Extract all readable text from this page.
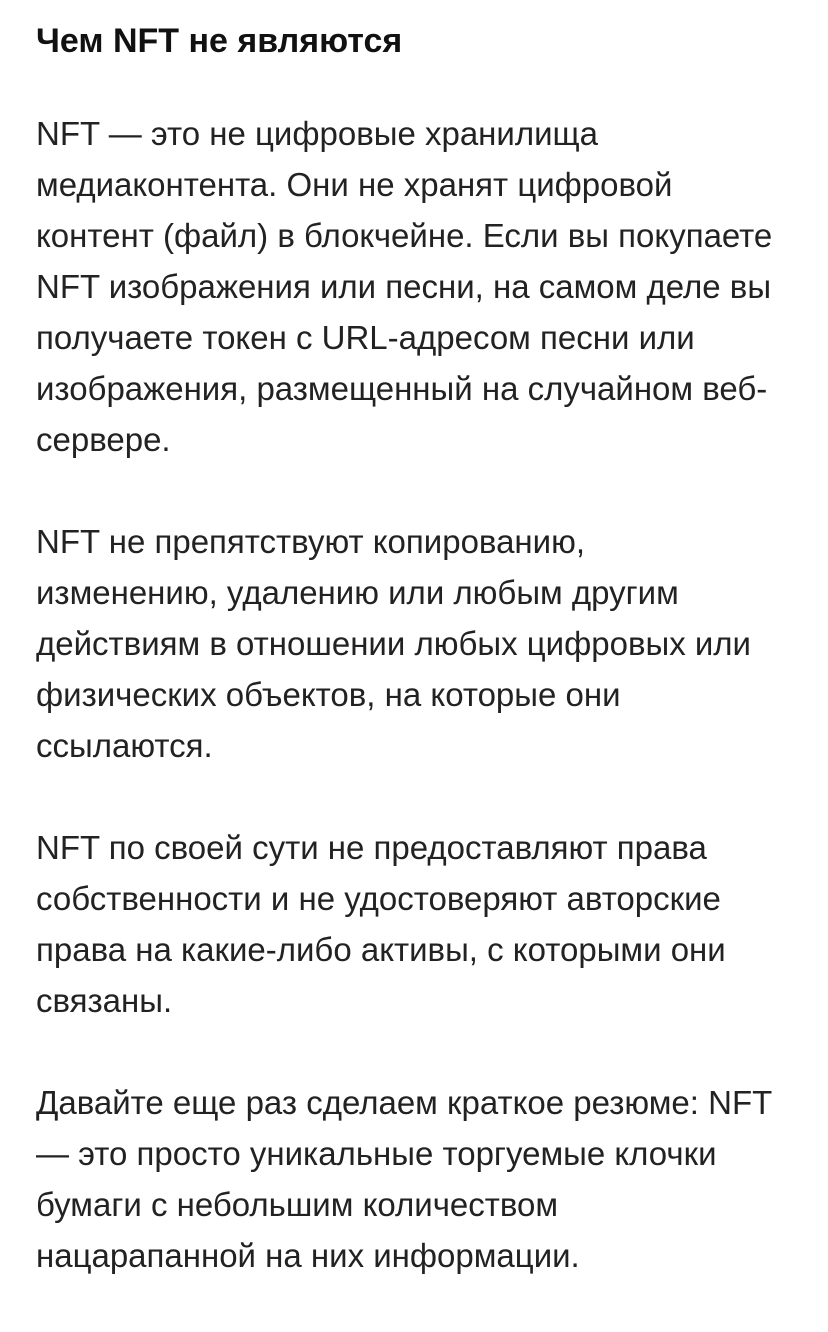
Чем NFT не являются

NFT — это не цифровые хранилища
медиаконтента. Они не хранят цифровой
контент (файл) в блокчейне. Если вы покупаете
NFT изображения или песни, на самом деле вы
получаете токен с URL-адресом песни или
изображения, размещенный на случайном веб-
сервере.

NFT не препятствуют копированию,
изменению, удалению или любым другим
действиям в отношении любых цифровых или
физических объектов, на которые они
ссылаются.

NFT по своей сути не предоставляют права
собственности и не удостоверяют авторские
права на какие-либо активы, с которыми они
связаны.

Давайте еще раз сделаем краткое резюме: NFT
— это просто уникальные торгуемые клочки
бумаги с небольшим количеством
нацарапанной на них информации.
